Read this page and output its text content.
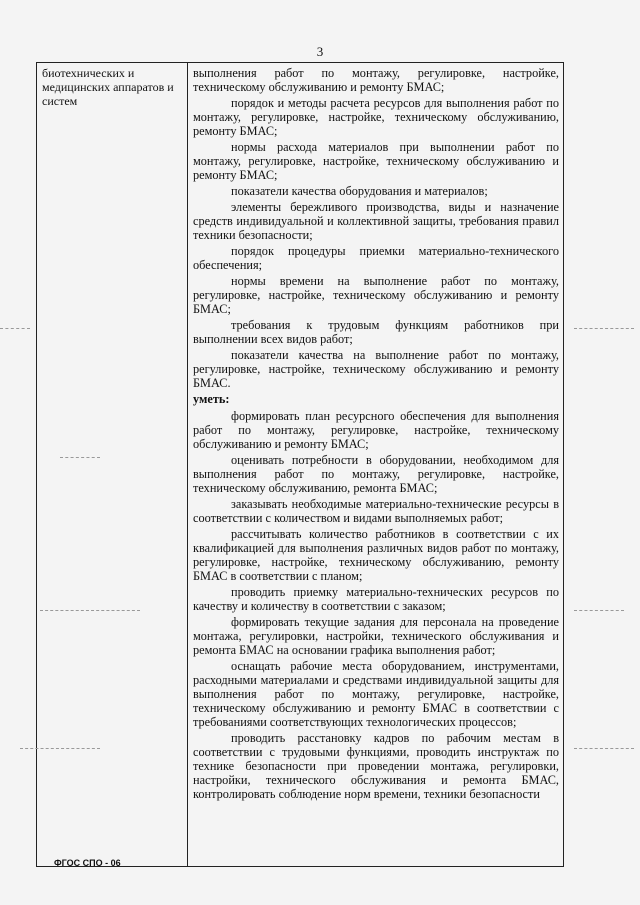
3
биотехнических и медицинских аппаратов и систем

выполнения работ по монтажу, регулировке, настройке, техническому обслуживанию и ремонту БМАС;

порядок и методы расчета ресурсов для выполнения работ по монтажу, регулировке, настройке, техническому обслуживанию, ремонту БМАС;

нормы расхода материалов при выполнении работ по монтажу, регулировке, настройке, техническому обслуживанию и ремонту БМАС;

показатели качества оборудования и материалов;

элементы бережливого производства, виды и назначение средств индивидуальной и коллективной защиты, требования правил техники безопасности;

порядок процедуры приемки материально-технического обеспечения;

нормы времени на выполнение работ по монтажу, регулировке, настройке, техническому обслуживанию и ремонту БМАС;

требования к трудовым функциям работников при выполнении всех видов работ;

показатели качества на выполнение работ по монтажу, регулировке, настройке, техническому обслуживанию и ремонту БМАС.

уметь:

формировать план ресурсного обеспечения для выполнения работ по монтажу, регулировке, настройке, техническому обслуживанию и ремонту БМАС;

оценивать потребности в оборудовании, необходимом для выполнения работ по монтажу, регулировке, настройке, техническому обслуживанию, ремонта БМАС;

заказывать необходимые материально-технические ресурсы в соответствии с количеством и видами выполняемых работ;

рассчитывать количество работников в соответствии с их квалификацией для выполнения различных видов работ по монтажу, регулировке, настройке, техническому обслуживанию, ремонту БМАС в соответствии с планом;

проводить приемку материально-технических ресурсов по качеству и количеству в соответствии с заказом;

формировать текущие задания для персонала на проведение монтажа, регулировки, настройки, технического обслуживания и ремонта БМАС на основании графика выполнения работ;

оснащать рабочие места оборудованием, инструментами, расходными материалами и средствами индивидуальной защиты для выполнения работ по монтажу, регулировке, настройке, техническому обслуживанию и ремонту БМАС в соответствии с требованиями соответствующих технологических процессов;

проводить расстановку кадров по рабочим местам в соответствии с трудовыми функциями, проводить инструктаж по технике безопасности при проведении монтажа, регулировки, настройки, технического обслуживания и ремонта БМАС, контролировать соблюдение норм времени, техники безопасности

ФГОС СПО - 06
